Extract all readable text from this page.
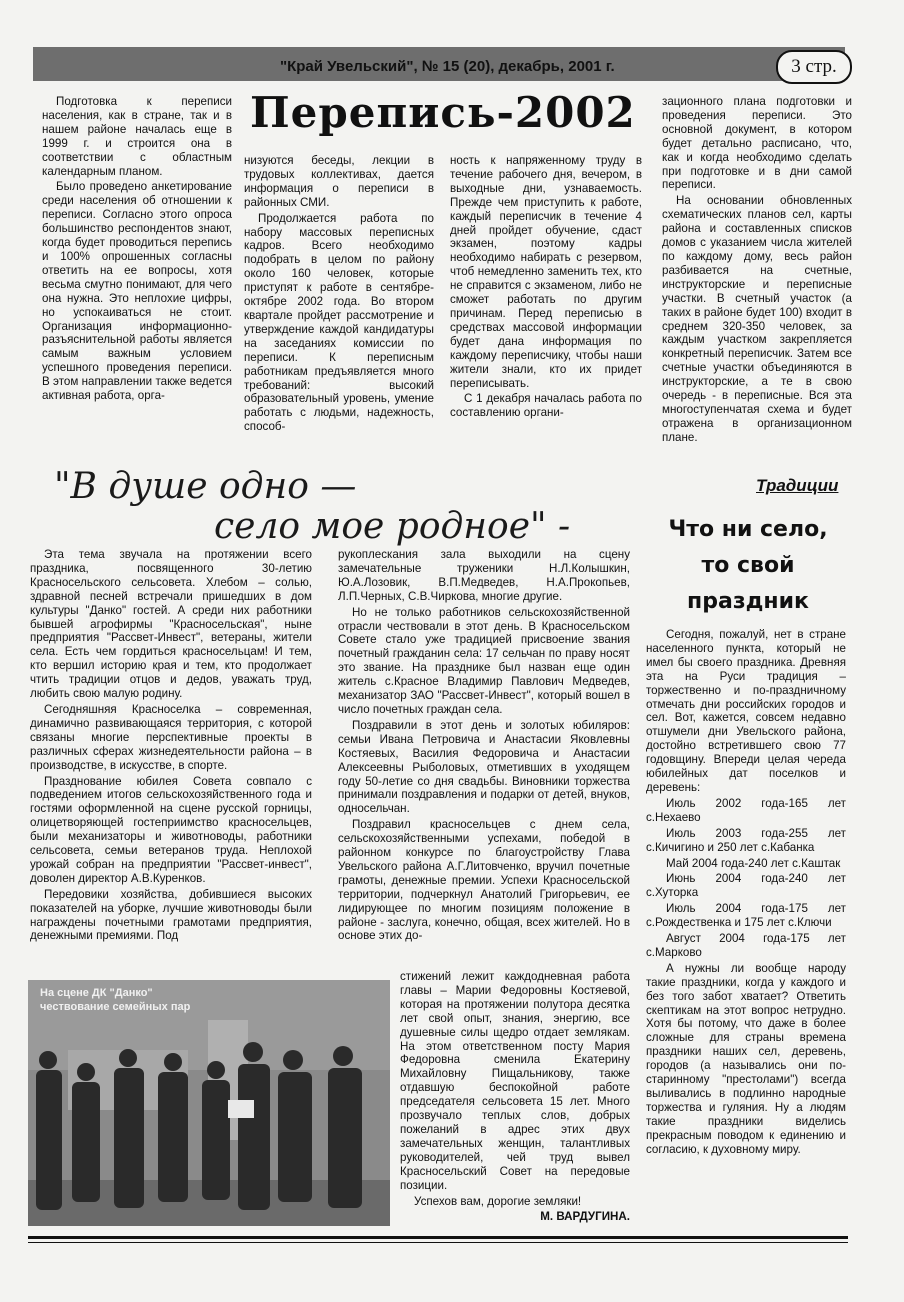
"Край Увельский", № 15 (20), декабрь, 2001 г.	3 стр.
Перепись-2002

Подготовка к переписи населения, как в стране, так и в нашем районе началась еще в 1999 г. и строится она в соответствии с областным календарным планом.

Было проведено анкетирование среди населения об отношении к переписи. Согласно этого опроса большинство респондентов знают, когда будет проводиться перепись и 100% опрошенных согласны ответить на ее вопросы, хотя весьма смутно понимают, для чего она нужна. Это неплохие цифры, но успокаиваться не стоит. Организация информационно-разъяснительной работы является самым важным условием успешного проведения переписи. В этом направлении также ведется активная работа, орга-

низуются беседы, лекции в трудовых коллективах, дается информация о переписи в районных СМИ.

Продолжается работа по набору массовых переписных кадров. Всего необходимо подобрать в целом по району около 160 человек, которые приступят к работе в сентябре-октябре 2002 года. Во втором квартале пройдет рассмотрение и утверждение каждой кандидатуры на заседаниях комиссии по переписи. К переписным работникам предъявляется много требований: высокий образовательный уровень, умение работать с людьми, надежность, способ-

ность к напряженному труду в течение рабочего дня, вечером, в выходные дни, узнаваемость. Прежде чем приступить к работе, каждый переписчик в течение 4 дней пройдет обучение, сдаст экзамен, поэтому кадры необходимо набирать с резервом, чтоб немедленно заменить тех, кто не справится с экзаменом, либо не сможет работать по другим причинам. Перед переписью в средствах массовой информации будет дана информация по каждому переписчику, чтобы наши жители знали, кто их придет переписывать.

С 1 декабря началась работа по составлению органи-

зационного плана подготовки и проведения переписи. Это основной документ, в котором будет детально расписано, что, как и когда необходимо сделать при подготовке и в дни самой переписи.

На основании обновленных схематических планов сел, карты района и составленных списков домов с указанием числа жителей по каждому дому, весь район разбивается на счетные, инструкторские и переписные участки. В счетный участок (а таких в районе будет 100) входит в среднем 320-350 человек, за каждым участком закрепляется конкретный переписчик. Затем все счетные участки объединяются в инструкторские, а те в свою очередь - в переписные. Вся эта многоступенчатая схема и будет отражена в организационном плане.

"В душе одно —
село мое родное" -
Традиции
Что ни село,
то свой
праздник

Эта тема звучала на протяжении всего праздника, посвященного 30-летию Красносельского сельсовета. Хлебом – солью, здравной песней встречали пришедших в дом культуры "Данко" гостей. А среди них работники бывшей агрофирмы "Красносельская", ныне предприятия "Рассвет-Инвест", ветераны, жители села. Есть чем гордиться красносельцам! И тем, кто вершил историю края и тем, кто продолжает чтить традиции отцов и дедов, уважать труд, любить свою малую родину.

Сегодняшняя Красноселка – современная, динамично развивающаяся территория, с которой связаны многие перспективные проекты в различных сферах жизнедеятельности района – в производстве, в искусстве, в спорте.

Празднование юбилея Совета совпало с подведением итогов сельскохозяйственного года и гостями оформленной на сцене русской горницы, олицетворяющей гостеприимство красносельцев, были механизаторы и животноводы, работники сельсовета, семьи ветеранов труда. Неплохой урожай собран на предприятии "Рассвет-инвест", доволен директор А.В.Куренков.

Передовики хозяйства, добившиеся высоких показателей на уборке, лучшие животноводы были награждены почетными грамотами предприятия, денежными премиями. Под

рукоплескания зала выходили на сцену замечательные труженики Н.Л.Колышкин, Ю.А.Лозовик, В.П.Медведев, Н.А.Прокопьев, Л.П.Черных, С.В.Чиркова, многие другие.

Но не только работников сельскохозяйственной отрасли чествовали в этот день. В Красносельском Совете стало уже традицией присвоение звания почетный гражданин села: 17 сельчан по праву носят это звание. На празднике был назван еще один житель с.Красное Владимир Павлович Медведев, механизатор ЗАО "Рассвет-Инвест", который вошел в число почетных граждан села.

Поздравили в этот день и золотых юбиляров: семьи Ивана Петровича и Анастасии Яковлевны Костяевых, Василия Федоровича и Анастасии Алексеевны Рыболовых, отметивших в уходящем году 50-летие со дня свадьбы. Виновники торжества принимали поздравления и подарки от детей, внуков, односельчан.

Поздравил красносельцев с днем села, сельскохозяйственными успехами, победой в районном конкурсе по благоустройству Глава Увельского района А.Г.Литовченко, вручил почетные грамоты, денежные премии. Успехи Красносельской территории, подчеркнул Анатолий Григорьевич, ее лидирующее по многим позициям положение в районе - заслуга, конечно, общая, всех жителей. Но в основе этих до-

стижений лежит каждодневная работа главы – Марии Федоровны Костяевой, которая на протяжении полутора десятка лет свой опыт, знания, энергию, все душевные силы щедро отдает землякам. На этом ответственном посту Мария Федоровна сменила Екатерину Михайловну Пищальникову, также отдавшую беспокойной работе председателя сельсовета 15 лет. Много прозвучало теплых слов, добрых пожеланий в адрес этих двух замечательных женщин, талантливых руководителей, чей труд вывел Красносельский Совет на передовые позиции.

Успехов вам, дорогие земляки!

М. ВАРДУГИНА.

На сцене ДК "Данко"
чествование семейных пар

Сегодня, пожалуй, нет в стране населенного пункта, который не имел бы своего праздника. Древняя эта на Руси традиция – торжественно и по-праздничному отмечать дни российских городов и сел. Вот, кажется, совсем недавно отшумели дни Увельского района, достойно встретившего свою 77 годовщину. Впереди целая череда юбилейных дат поселков и деревень:

Июль 2002 года-165 лет с.Нехаево

Июль 2003 года-255 лет с.Кичигино и 250 лет с.Кабанка

Май 2004 года-240 лет с.Каштак

Июнь 2004 года-240 лет с.Хуторка

Июль 2004 года-175 лет с.Рождественка и 175 лет с.Ключи

Август 2004 года-175 лет с.Марково

А нужны ли вообще народу такие праздники, когда у каждого и без того забот хватает? Ответить скептикам на этот вопрос нетрудно. Хотя бы потому, что даже в более сложные для страны времена праздники наших сел, деревень, городов (а назывались они по-старинному "престолами") всегда выливались в подлинно народные торжества и гуляния. Ну а людям такие праздники виделись прекрасным поводом к единению и согласию, к духовному миру.
